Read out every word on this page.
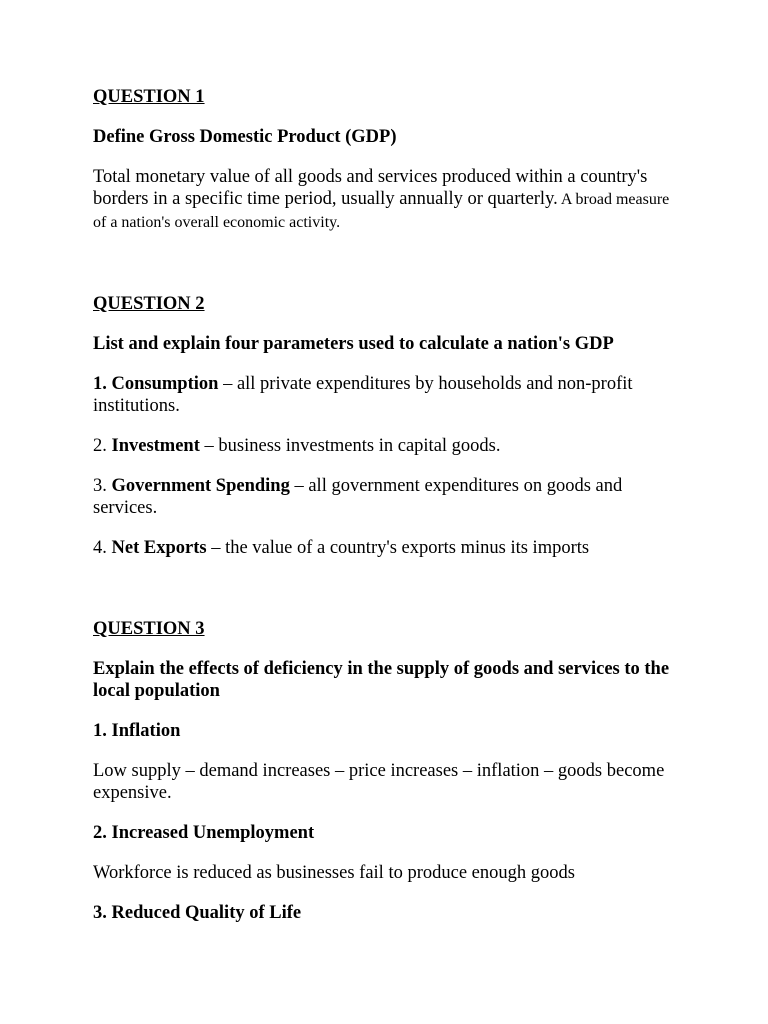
QUESTION 1
Define Gross Domestic Product (GDP)
Total monetary value of all goods and services produced within a country's borders in a specific time period, usually annually or quarterly. A broad measure of a nation's overall economic activity.
QUESTION 2
List and explain four parameters used to calculate a nation's GDP
1. Consumption – all private expenditures by households and non-profit institutions.
2. Investment – business investments in capital goods.
3. Government Spending – all government expenditures on goods and services.
4. Net Exports – the value of a country's exports minus its imports
QUESTION 3
Explain the effects of deficiency in the supply of goods and services to the local population
1. Inflation
Low supply – demand increases – price increases – inflation – goods become expensive.
2. Increased Unemployment
Workforce is reduced as businesses fail to produce enough goods
3. Reduced Quality of Life
